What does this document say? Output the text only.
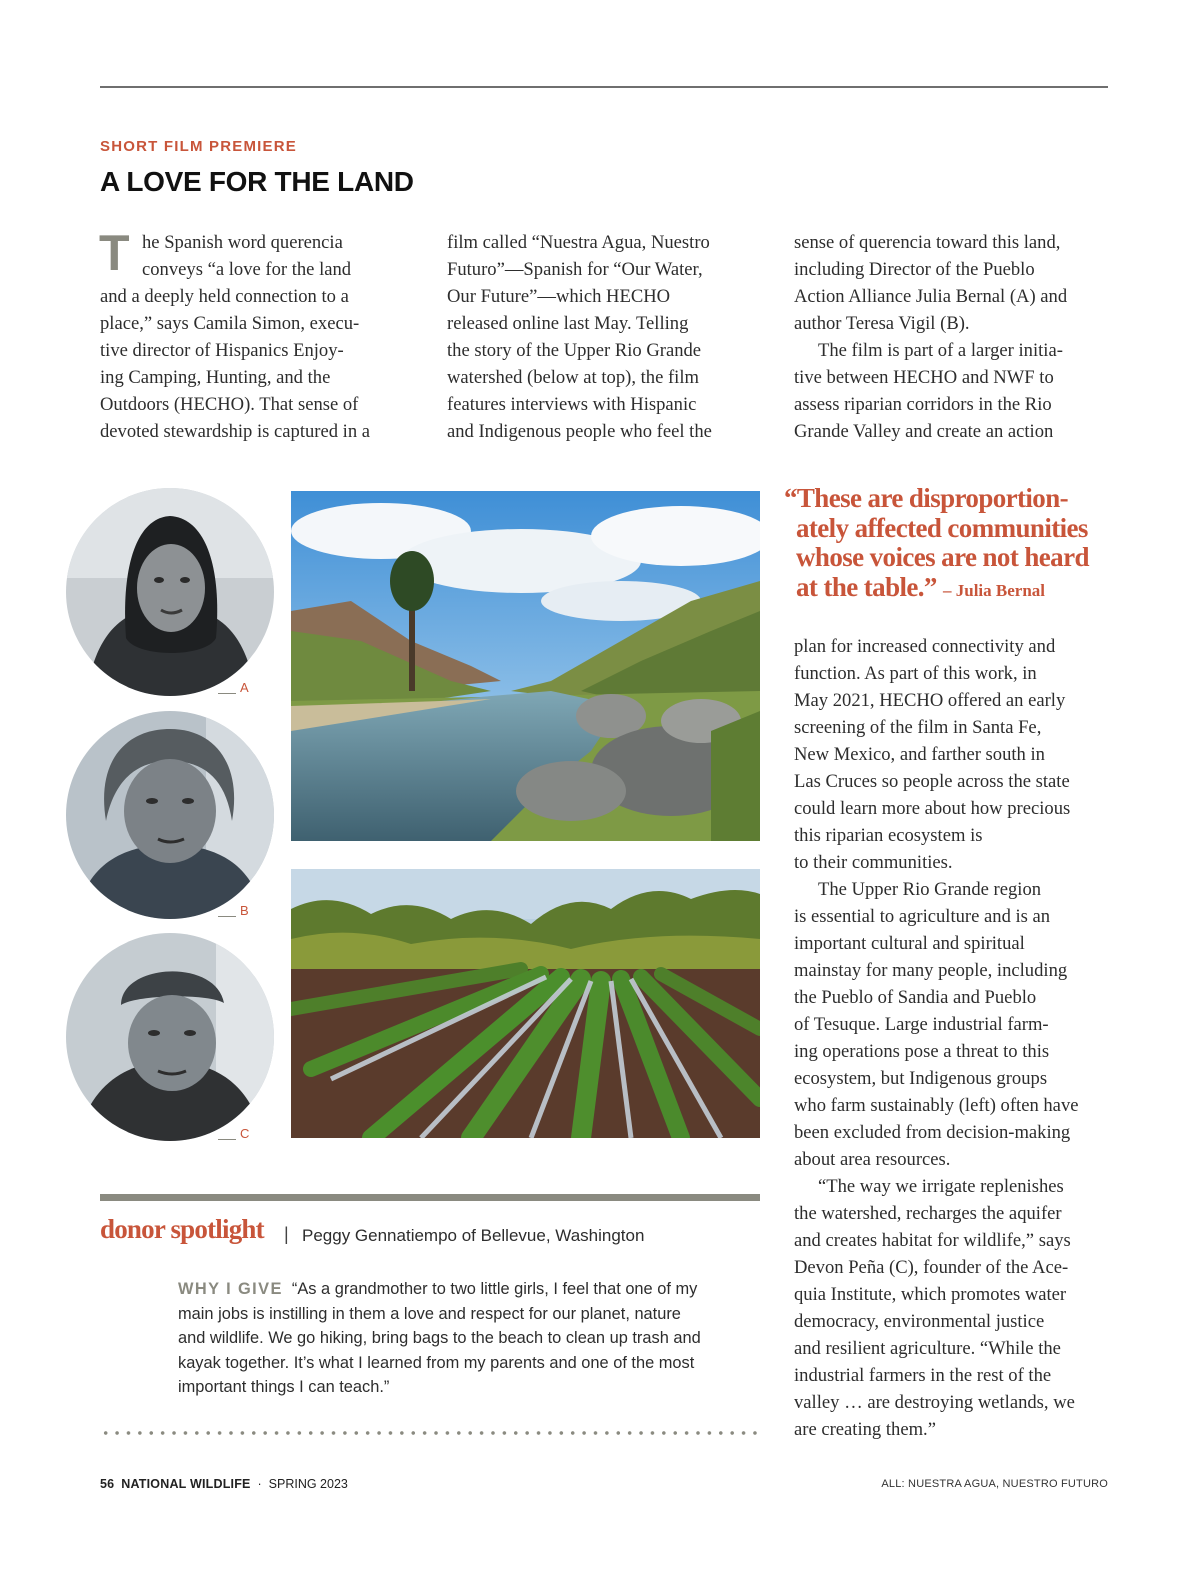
SHORT FILM PREMIERE
A LOVE FOR THE LAND
T he Spanish word querencia
conveys “a love for the land
and a deeply held connection to a
place,” says Camila Simon, execu-
tive director of Hispanics Enjoy-
ing Camping, Hunting, and the
Outdoors (HECHO). That sense of
devoted stewardship is captured in a
film called “Nuestra Agua, Nuestro
Futuro”—Spanish for “Our Water,
Our Future”—which HECHO
released online last May. Telling
the story of the Upper Rio Grande
watershed (below at top), the film
features interviews with Hispanic
and Indigenous people who feel the
sense of querencia toward this land,
including Director of the Pueblo
Action Alliance Julia Bernal (A) and
author Teresa Vigil (B).
The film is part of a larger initia-
tive between HECHO and NWF to
assess riparian corridors in the Rio
Grande Valley and create an action
“These are disproportion-
ately affected communities
whose voices are not heard
at the table.” – Julia Bernal
plan for increased connectivity and
function. As part of this work, in
May 2021, HECHO offered an early
screening of the film in Santa Fe,
New Mexico, and farther south in
Las Cruces so people across the state
could learn more about how precious
this riparian ecosystem is
to their communities.
The Upper Rio Grande region
is essential to agriculture and is an
important cultural and spiritual
mainstay for many people, including
the Pueblo of Sandia and Pueblo
of Tesuque. Large industrial farm-
ing operations pose a threat to this
ecosystem, but Indigenous groups
who farm sustainably (left) often have
been excluded from decision-making
about area resources.
“The way we irrigate replenishes
the watershed, recharges the aquifer
and creates habitat for wildlife,” says
Devon Peña (C), founder of the Ace-
quia Institute, which promotes water
democracy, environmental justice
and resilient agriculture. “While the
industrial farmers in the rest of the
valley … are destroying wetlands, we
are creating them.”
A
B
C
donor spotlight | Peggy Gennatiempo of Bellevue, Washington
WHY I GIVE “As a grandmother to two little girls, I feel that one of my
main jobs is instilling in them a love and respect for our planet, nature
and wildlife. We go hiking, bring bags to the beach to clean up trash and
kayak together. It’s what I learned from my parents and one of the most
important things I can teach.”
56 NATIONAL WILDLIFE · SPRING 2023	ALL: NUESTRA AGUA, NUESTRO FUTURO
